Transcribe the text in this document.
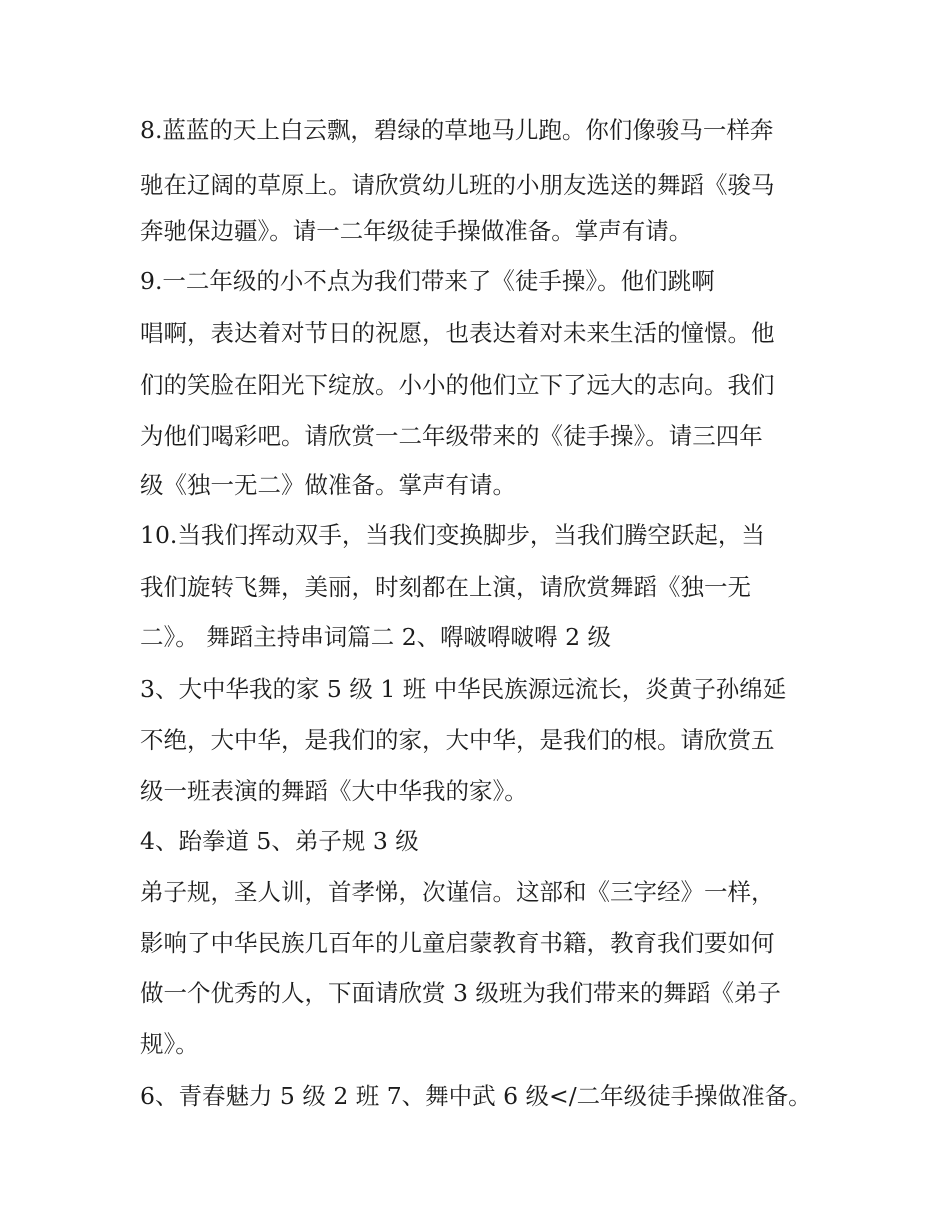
8.蓝蓝的天上白云飘，碧绿的草地马儿跑。你们像骏马一样奔
驰在辽阔的草原上。请欣赏幼儿班的小朋友选送的舞蹈《骏马
奔驰保边疆》。请一二年级徒手操做准备。掌声有请。
9.一二年级的小不点为我们带来了《徒手操》。他们跳啊
唱啊，表达着对节日的祝愿，也表达着对未来生活的憧憬。他
们的笑脸在阳光下绽放。小小的他们立下了远大的志向。我们
为他们喝彩吧。请欣赏一二年级带来的《徒手操》。请三四年
级《独一无二》做准备。掌声有请。
10.当我们挥动双手，当我们变换脚步，当我们腾空跃起，当
我们旋转飞舞，美丽，时刻都在上演，请欣赏舞蹈《独一无
二》。 舞蹈主持串词篇二 2、嘚啵嘚啵嘚 2 级
3、大中华我的家 5 级 1 班 中华民族源远流长，炎黄子孙绵延
不绝，大中华，是我们的家，大中华，是我们的根。请欣赏五
级一班表演的舞蹈《大中华我的家》。
4、跆拳道 5、弟子规 3 级
弟子规，圣人训，首孝悌，次谨信。这部和《三字经》一样，
影响了中华民族几百年的儿童启蒙教育书籍，教育我们要如何
做一个优秀的人，下面请欣赏 3 级班为我们带来的舞蹈《弟子
规》。
6、青春魅力 5 级 2 班 7、舞中武 6 级</二年级徒手操做准备。
